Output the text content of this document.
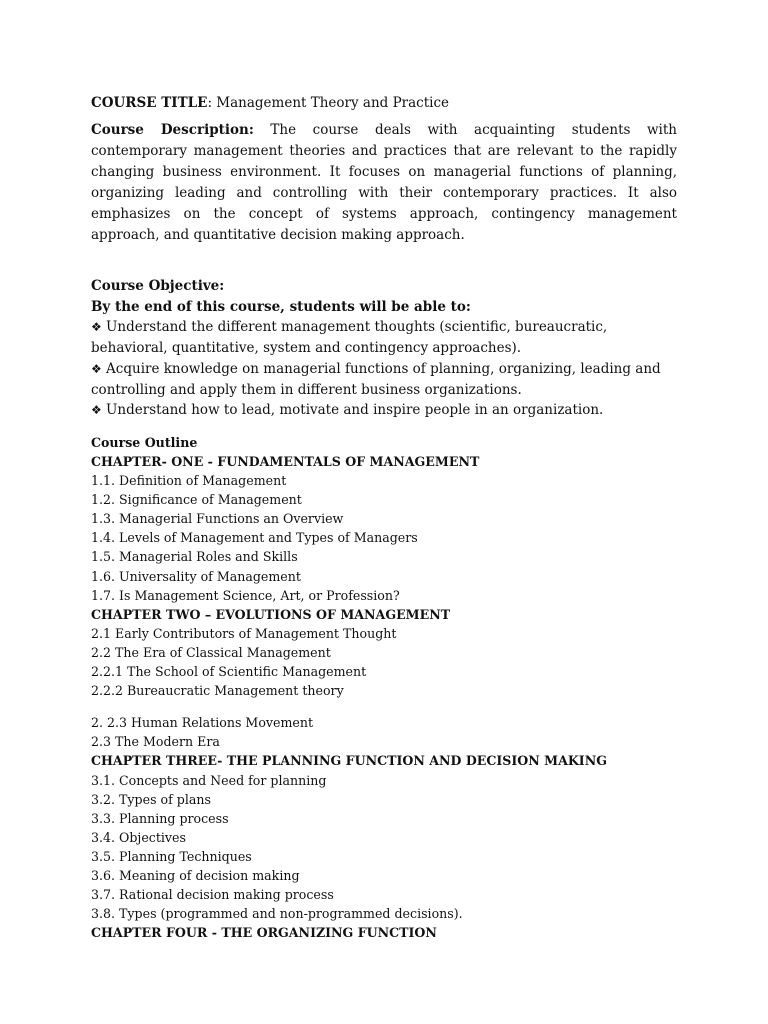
COURSE TITLE: Management Theory and Practice

Course Description: The course deals with acquainting students with contemporary management theories and practices that are relevant to the rapidly changing business environment. It focuses on managerial functions of planning, organizing leading and controlling with their contemporary practices. It also emphasizes on the concept of systems approach, contingency management approach, and quantitative decision making approach.

Course Objective:

By the end of this course, students will be able to:

❖ Understand the different management thoughts (scientific, bureaucratic, behavioral, quantitative, system and contingency approaches).

❖ Acquire knowledge on managerial functions of planning, organizing, leading and controlling and apply them in different business organizations.

❖ Understand how to lead, motivate and inspire people in an organization.

Course Outline

CHAPTER- ONE - FUNDAMENTALS OF MANAGEMENT

1.1. Definition of Management

1.2. Significance of Management

1.3. Managerial Functions an Overview

1.4. Levels of Management and Types of Managers

1.5. Managerial Roles and Skills

1.6. Universality of Management

1.7. Is Management Science, Art, or Profession?

CHAPTER TWO – EVOLUTIONS OF MANAGEMENT

2.1 Early Contributors of Management Thought

2.2 The Era of Classical Management

2.2.1 The School of Scientific Management

2.2.2 Bureaucratic Management theory

2. 2.3 Human Relations Movement

2.3 The Modern Era

CHAPTER THREE- THE PLANNING FUNCTION AND DECISION MAKING

3.1. Concepts and Need for planning

3.2. Types of plans

3.3. Planning process

3.4. Objectives

3.5. Planning Techniques

3.6. Meaning of decision making

3.7. Rational decision making process

3.8. Types (programmed and non-programmed decisions).

CHAPTER FOUR - THE ORGANIZING FUNCTION
